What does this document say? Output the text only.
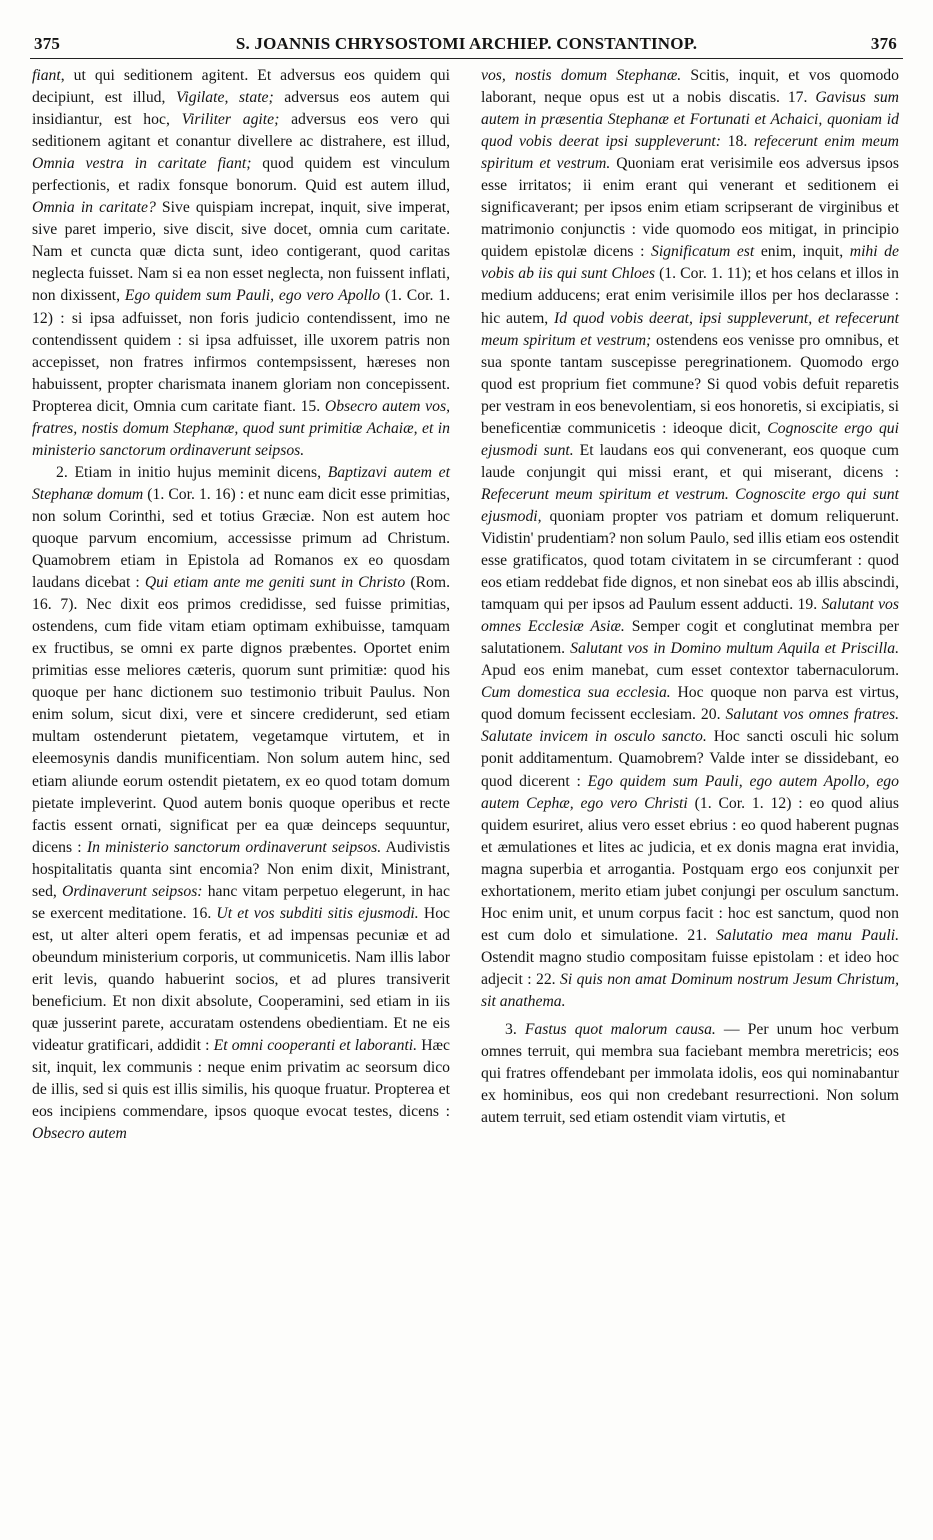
375	S. JOANNIS CHRYSOSTOMI ARCHIEP. CONSTANTINOP.	376

fiant, ut qui seditionem agitent. Et adversus eos quidem qui decipiunt, est illud, Vigilate, state; adversus eos autem qui insidiantur, est hoc, Viriliter agite; adversus eos vero qui seditionem agitant et conantur divellere ac distrahere, est illud, Omnia vestra in caritate fiant; quod quidem est vinculum perfectionis, et radix fonsque bonorum. Quid est autem illud, Omnia in caritate? Sive quispiam increpat, inquit, sive imperat, sive paret imperio, sive discit, sive docet, omnia cum caritate. Nam et cuncta quæ dicta sunt, ideo contigerant, quod caritas neglecta fuisset. Nam si ea non esset neglecta, non fuissent inflati, non dixissent, Ego quidem sum Pauli, ego vero Apollo (1. Cor. 1. 12) : si ipsa adfuisset, non foris judicio contendissent, imo ne contendissent quidem : si ipsa adfuisset, ille uxorem patris non accepisset, non fratres infirmos contempsissent, hæreses non habuissent, propter charismata inanem gloriam non concepissent. Propterea dicit, Omnia cum caritate fiant. 15. Obsecro autem vos, fratres, nostis domum Stephanæ, quod sunt primitiæ Achaiæ, et in ministerio sanctorum ordinaverunt seipsos.

2. Etiam in initio hujus meminit dicens, Baptizavi autem et Stephanæ domum (1. Cor. 1. 16) : et nunc eam dicit esse primitias, non solum Corinthi, sed et totius Græciæ. Non est autem hoc quoque parvum encomium, accessisse primum ad Christum. Quamobrem etiam in Epistola ad Romanos ex eo quosdam laudans dicebat : Qui etiam ante me geniti sunt in Christo (Rom. 16. 7). Nec dixit eos primos credidisse, sed fuisse primitias, ostendens, cum fide vitam etiam optimam exhibuisse, tamquam ex fructibus, se omni ex parte dignos præbentes. Oportet enim primitias esse meliores cæteris, quorum sunt primitiæ: quod his quoque per hanc dictionem suo testimonio tribuit Paulus. Non enim solum, sicut dixi, vere et sincere crediderunt, sed etiam multam ostenderunt pietatem, vegetamque virtutem, et in eleemosynis dandis munificentiam. Non solum autem hinc, sed etiam aliunde eorum ostendit pietatem, ex eo quod totam domum pietate impleverint. Quod autem bonis quoque operibus et recte factis essent ornati, significat per ea quæ deinceps sequuntur, dicens : In ministerio sanctorum ordinaverunt seipsos. Audivistis hospitalitatis quanta sint encomia? Non enim dixit, Ministrant, sed, Ordinaverunt seipsos: hanc vitam perpetuo elegerunt, in hac se exercent meditatione. 16. Ut et vos subditi sitis ejusmodi. Hoc est, ut alter alteri opem feratis, et ad impensas pecuniæ et ad obeundum ministerium corporis, ut communicetis. Nam illis labor erit levis, quando habuerint socios, et ad plures transiverit beneficium. Et non dixit absolute, Cooperamini, sed etiam in iis quæ jusserint parete, accuratam ostendens obedientiam. Et ne eis videatur gratificari, addidit : Et omni cooperanti et laboranti. Hæc sit, inquit, lex communis : neque enim privatim ac seorsum dico de illis, sed si quis est illis similis, his quoque fruatur. Propterea et eos incipiens commendare, ipsos quoque evocat testes, dicens : Obsecro autem

vos, nostis domum Stephanæ. Scitis, inquit, et vos quomodo laborant, neque opus est ut a nobis discatis. 17. Gavisus sum autem in præsentia Stephanæ et Fortunati et Achaici, quoniam id quod vobis deerat ipsi suppleverunt: 18. refecerunt enim meum spiritum et vestrum. Quoniam erat verisimile eos adversus ipsos esse irritatos; ii enim erant qui venerant et seditionem ei significaverant; per ipsos enim etiam scripserant de virginibus et matrimonio conjunctis : vide quomodo eos mitigat, in principio quidem epistolæ dicens : Significatum est enim, inquit, mihi de vobis ab iis qui sunt Chloes (1. Cor. 1. 11); et hos celans et illos in medium adducens; erat enim verisimile illos per hos declarasse : hic autem, Id quod vobis deerat, ipsi suppleverunt, et refecerunt meum spiritum et vestrum; ostendens eos venisse pro omnibus, et sua sponte tantam suscepisse peregrinationem. Quomodo ergo quod est proprium fiet commune? Si quod vobis defuit reparetis per vestram in eos benevolentiam, si eos honoretis, si excipiatis, si beneficentiæ communicetis : ideoque dicit, Cognoscite ergo qui ejusmodi sunt. Et laudans eos qui convenerant, eos quoque cum laude conjungit qui missi erant, et qui miserant, dicens : Refecerunt meum spiritum et vestrum. Cognoscite ergo qui sunt ejusmodi, quoniam propter vos patriam et domum reliquerunt. Vidistin' prudentiam? non solum Paulo, sed illis etiam eos ostendit esse gratificatos, quod totam civitatem in se circumferant : quod eos etiam reddebat fide dignos, et non sinebat eos ab illis abscindi, tamquam qui per ipsos ad Paulum essent adducti. 19. Salutant vos omnes Ecclesiæ Asiæ. Semper cogit et conglutinat membra per salutationem. Salutant vos in Domino multum Aquila et Priscilla. Apud eos enim manebat, cum esset contextor tabernaculorum. Cum domestica sua ecclesia. Hoc quoque non parva est virtus, quod domum fecissent ecclesiam. 20. Salutant vos omnes fratres. Salutate invicem in osculo sancto. Hoc sancti osculi hic solum ponit additamentum. Quamobrem? Valde inter se dissidebant, eo quod dicerent : Ego quidem sum Pauli, ego autem Apollo, ego autem Cephæ, ego vero Christi (1. Cor. 1. 12) : eo quod alius quidem esuriret, alius vero esset ebrius : eo quod haberent pugnas et æmulationes et lites ac judicia, et ex donis magna erat invidia, magna superbia et arrogantia. Postquam ergo eos conjunxit per exhortationem, merito etiam jubet conjungi per osculum sanctum. Hoc enim unit, et unum corpus facit : hoc est sanctum, quod non est cum dolo et simulatione. 21. Salutatio mea manu Pauli. Ostendit magno studio compositam fuisse epistolam : et ideo hoc adjecit : 22. Si quis non amat Dominum nostrum Jesum Christum, sit anathema.

3. Fastus quot malorum causa. — Per unum hoc verbum omnes terruit, qui membra sua faciebant membra meretricis; eos qui fratres offendebant per immolata idolis, eos qui nominabantur ex hominibus, eos qui non credebant resurrectioni. Non solum autem terruit, sed etiam ostendit viam virtutis, et
